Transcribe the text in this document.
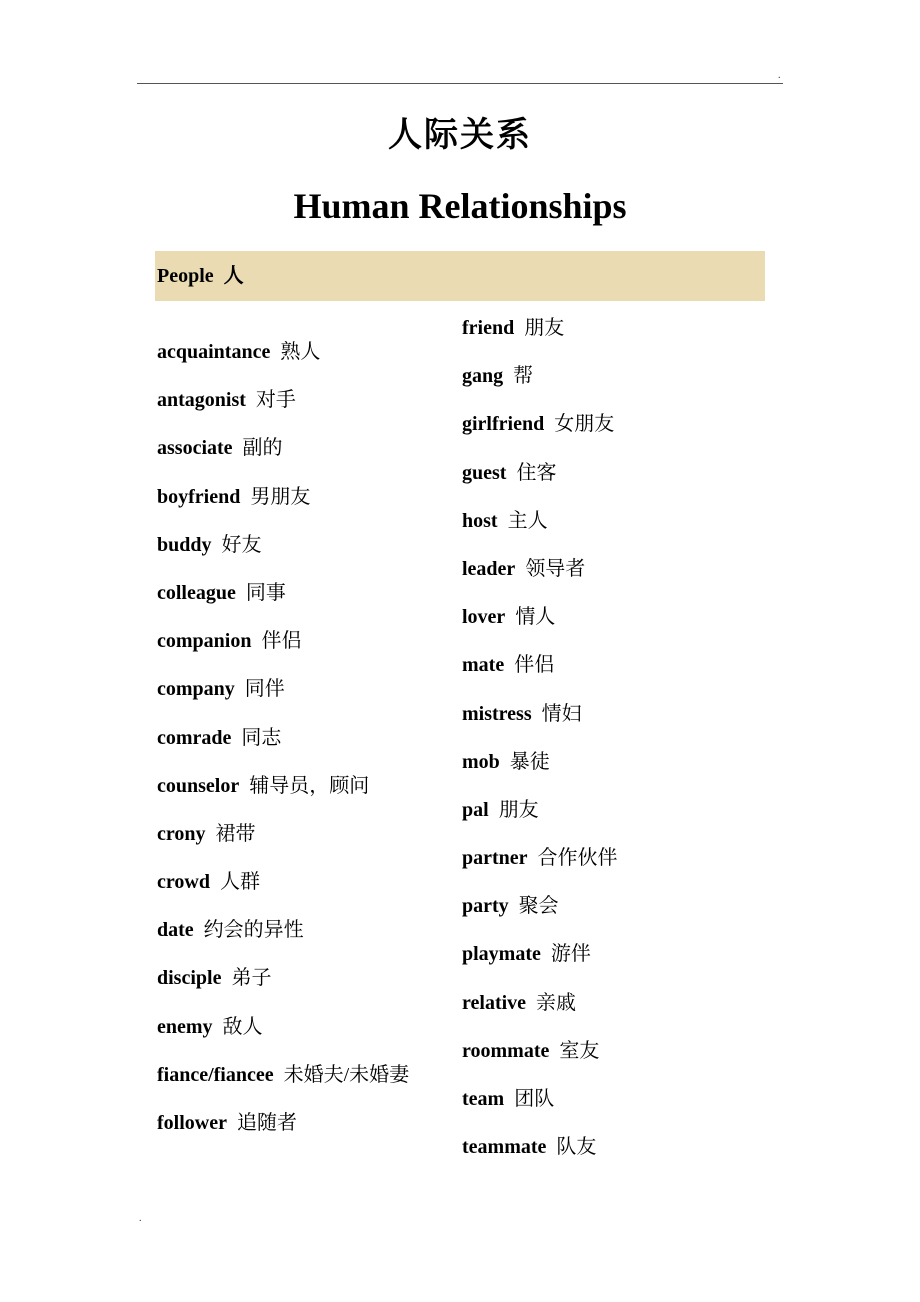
.
人际关系
Human Relationships
People  人
acquaintance 熟人
antagonist 对手
associate 副的
boyfriend 男朋友
buddy 好友
colleague 同事
companion 伴侣
company 同伴
comrade 同志
counselor 辅导员，顾问
crony 裙带
crowd 人群
date 约会的异性
disciple 弟子
enemy 敌人
fiance/fiancee 未婚夫/未婚妻
follower 追随者
friend 朋友
gang 帮
girlfriend 女朋友
guest 住客
host 主人
leader 领导者
lover 情人
mate 伴侣
mistress 情妇
mob 暴徒
pal 朋友
partner 合作伙伴
party 聚会
playmate 游伴
relative 亲戚
roommate 室友
team 团队
teammate 队友
.
